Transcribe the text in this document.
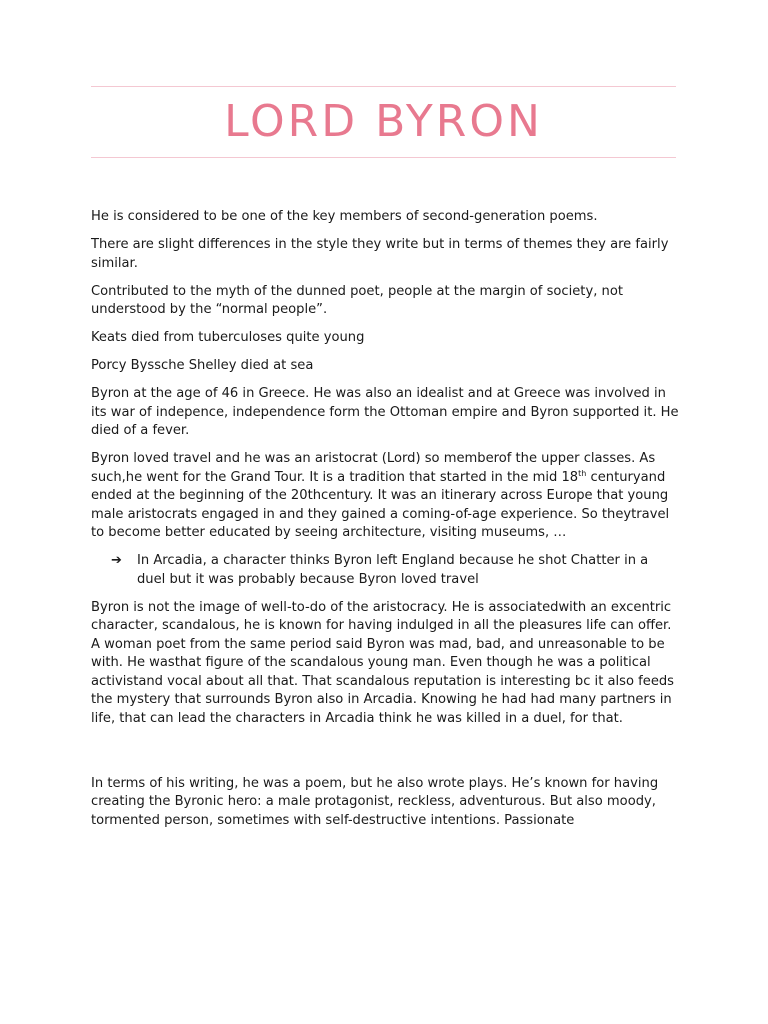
LORD BYRON

He is considered to be one of the key members of second-generation poems.

There are slight differences in the style they write but in terms of themes they are fairly similar.

Contributed to the myth of the dunned poet, people at the margin of society, not understood by the “normal people”.

Keats died from tuberculoses quite young

Porcy Byssche Shelley died at sea

Byron at the age of 46 in Greece. He was also an idealist and at Greece was involved in its war of indepence, independence form the Ottoman empire and Byron supported it. He died of a fever.

Byron loved travel and he was an aristocrat (Lord) so memberof the upper classes. As such,he went for the Grand Tour. It is a tradition that started in the mid 18th centuryand ended at the beginning of the 20thcentury. It was an itinerary across Europe that young male aristocrats engaged in and they gained a coming-of-age experience. So theytravel to become better educated by seeing architecture, visiting museums, …

➔	In Arcadia, a character thinks Byron left England because he shot Chatter in a duel but it was probably because Byron loved travel

Byron is not the image of well-to-do of the aristocracy. He is associatedwith an excentric character, scandalous, he is known for having indulged in all the pleasures life can offer. A woman poet from the same period said Byron was mad, bad, and unreasonable to be with. He wasthat figure of the scandalous young man. Even though he was a political activistand vocal about all that. That scandalous reputation is interesting bc it also feeds the mystery that surrounds Byron also in Arcadia. Knowing he had had many partners in life, that can lead the characters in Arcadia think he was killed in a duel, for that.

In terms of his writing, he was a poem, but he also wrote plays. He’s known for having creating the Byronic hero: a male protagonist, reckless, adventurous. But also moody, tormented person, sometimes with self-destructive intentions. Passionate
